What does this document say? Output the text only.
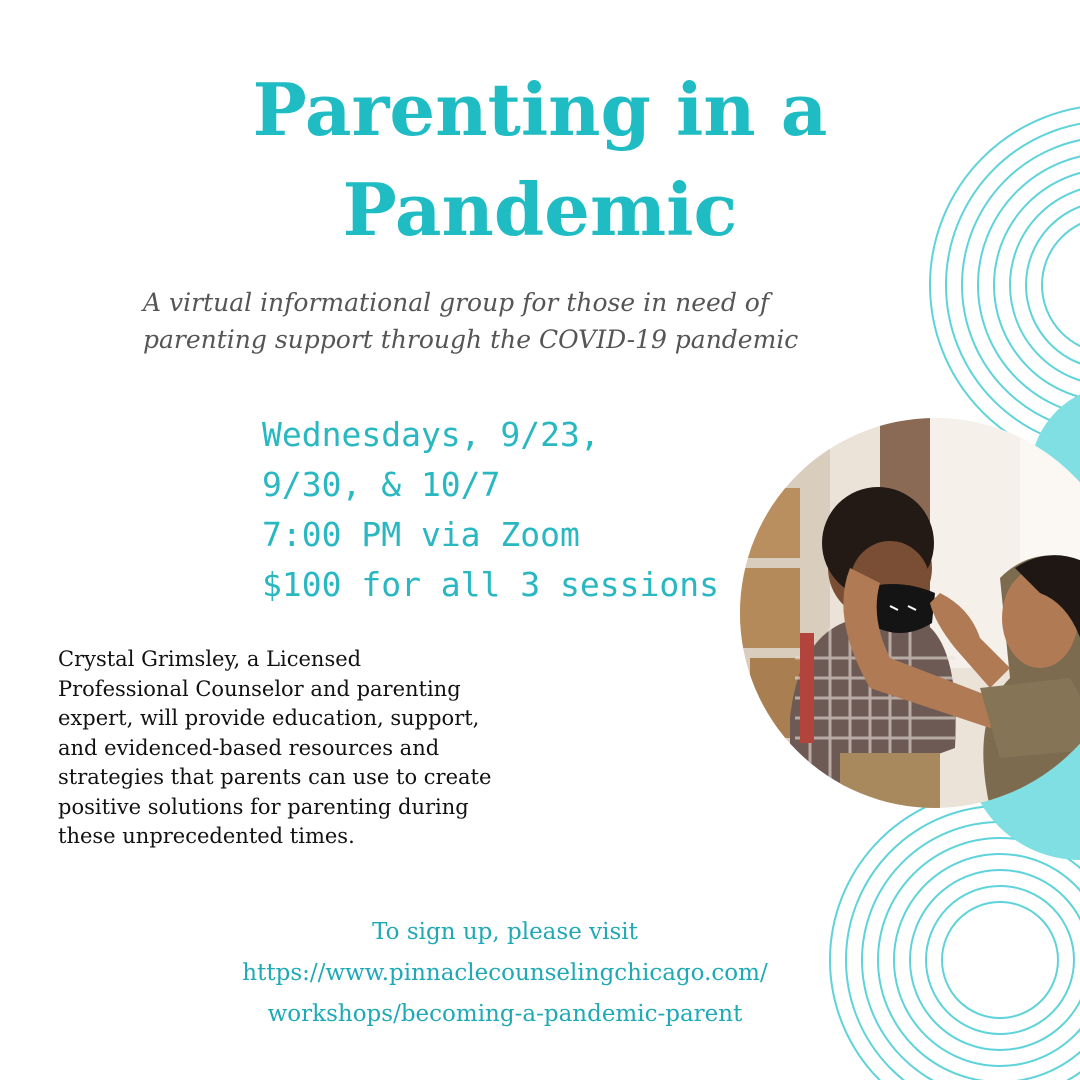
Parenting in a
Pandemic

A virtual informational group for those in need of parenting support through the COVID-19 pandemic

Wednesdays, 9/23,
9/30, & 10/7
7:00 PM via Zoom
$100 for all 3 sessions

Crystal Grimsley, a Licensed Professional Counselor and parenting expert, will provide education, support, and evidenced-based resources and strategies that parents can use to create positive solutions for parenting during these unprecedented times.

To sign up, please visit
https://www.pinnaclecounselingchicago.com/
workshops/becoming-a-pandemic-parent
